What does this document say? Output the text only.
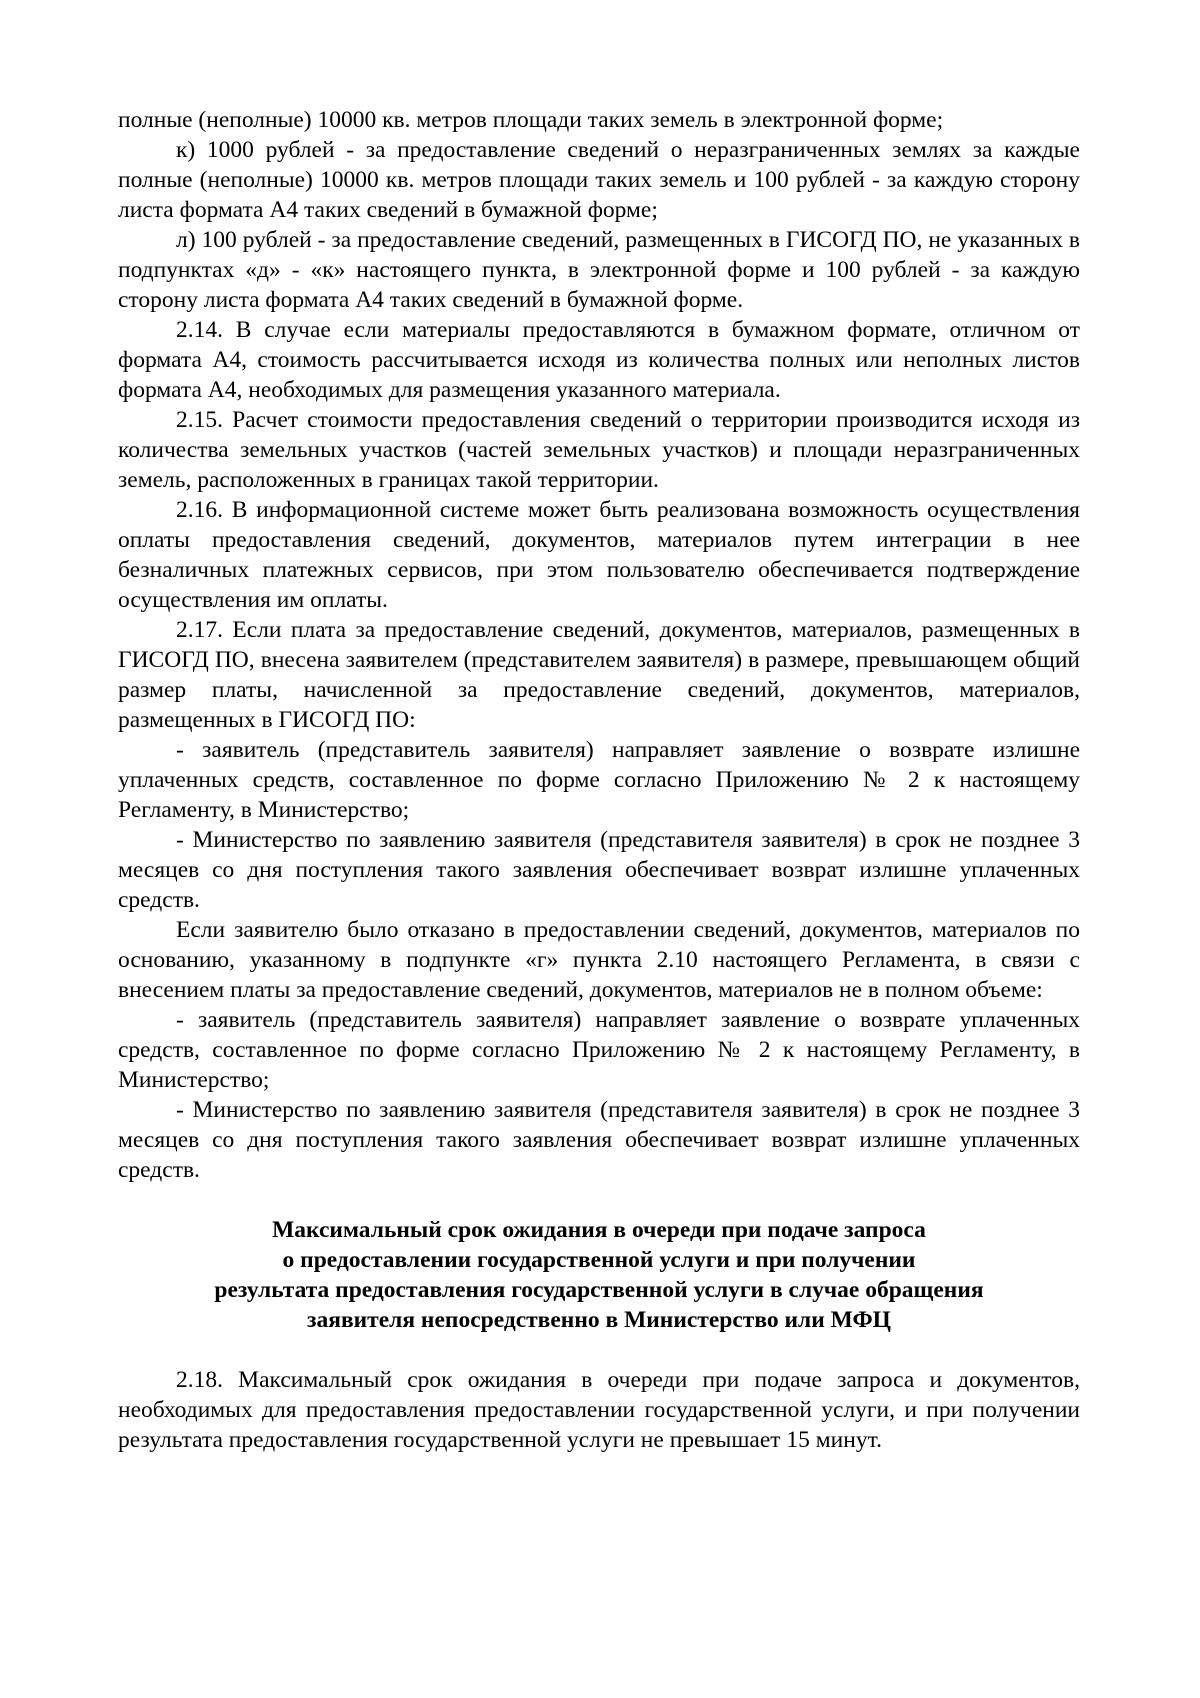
полные (неполные) 10000 кв. метров площади таких земель в электронной форме;

к) 1000 рублей - за предоставление сведений о неразграниченных землях за каждые полные (неполные) 10000 кв. метров площади таких земель и 100 рублей - за каждую сторону листа формата А4 таких сведений в бумажной форме;

л) 100 рублей - за предоставление сведений, размещенных в ГИСОГД ПО, не указанных в подпунктах «д» - «к» настоящего пункта, в электронной форме и 100 рублей - за каждую сторону листа формата А4 таких сведений в бумажной форме.

2.14. В случае если материалы предоставляются в бумажном формате, отличном от формата А4, стоимость рассчитывается исходя из количества полных или неполных листов формата А4, необходимых для размещения указанного материала.

2.15. Расчет стоимости предоставления сведений о территории производится исходя из количества земельных участков (частей земельных участков) и площади неразграниченных земель, расположенных в границах такой территории.

2.16. В информационной системе может быть реализована возможность осуществления оплаты предоставления сведений, документов, материалов путем интеграции в нее безналичных платежных сервисов, при этом пользователю обеспечивается подтверждение осуществления им оплаты.

2.17. Если плата за предоставление сведений, документов, материалов, размещенных в ГИСОГД ПО, внесена заявителем (представителем заявителя) в размере, превышающем общий размер платы, начисленной за предоставление сведений, документов, материалов, размещенных в ГИСОГД ПО:

- заявитель (представитель заявителя) направляет заявление о возврате излишне уплаченных средств, составленное по форме согласно Приложению № 2 к настоящему Регламенту, в Министерство;

- Министерство по заявлению заявителя (представителя заявителя) в срок не позднее 3 месяцев со дня поступления такого заявления обеспечивает возврат излишне уплаченных средств.

Если заявителю было отказано в предоставлении сведений, документов, материалов по основанию, указанному в подпункте «г» пункта 2.10 настоящего Регламента, в связи с внесением платы за предоставление сведений, документов, материалов не в полном объеме:

- заявитель (представитель заявителя) направляет заявление о возврате уплаченных средств, составленное по форме согласно Приложению № 2 к настоящему Регламенту, в Министерство;

- Министерство по заявлению заявителя (представителя заявителя) в срок не позднее 3 месяцев со дня поступления такого заявления обеспечивает возврат излишне уплаченных средств.

Максимальный срок ожидания в очереди при подаче запроса

о предоставлении государственной услуги и при получении

результата предоставления государственной услуги в случае обращения

заявителя непосредственно в Министерство или МФЦ

2.18. Максимальный срок ожидания в очереди при подаче запроса и документов, необходимых для предоставления предоставлении государственной услуги, и при получении результата предоставления государственной услуги не превышает 15 минут.
